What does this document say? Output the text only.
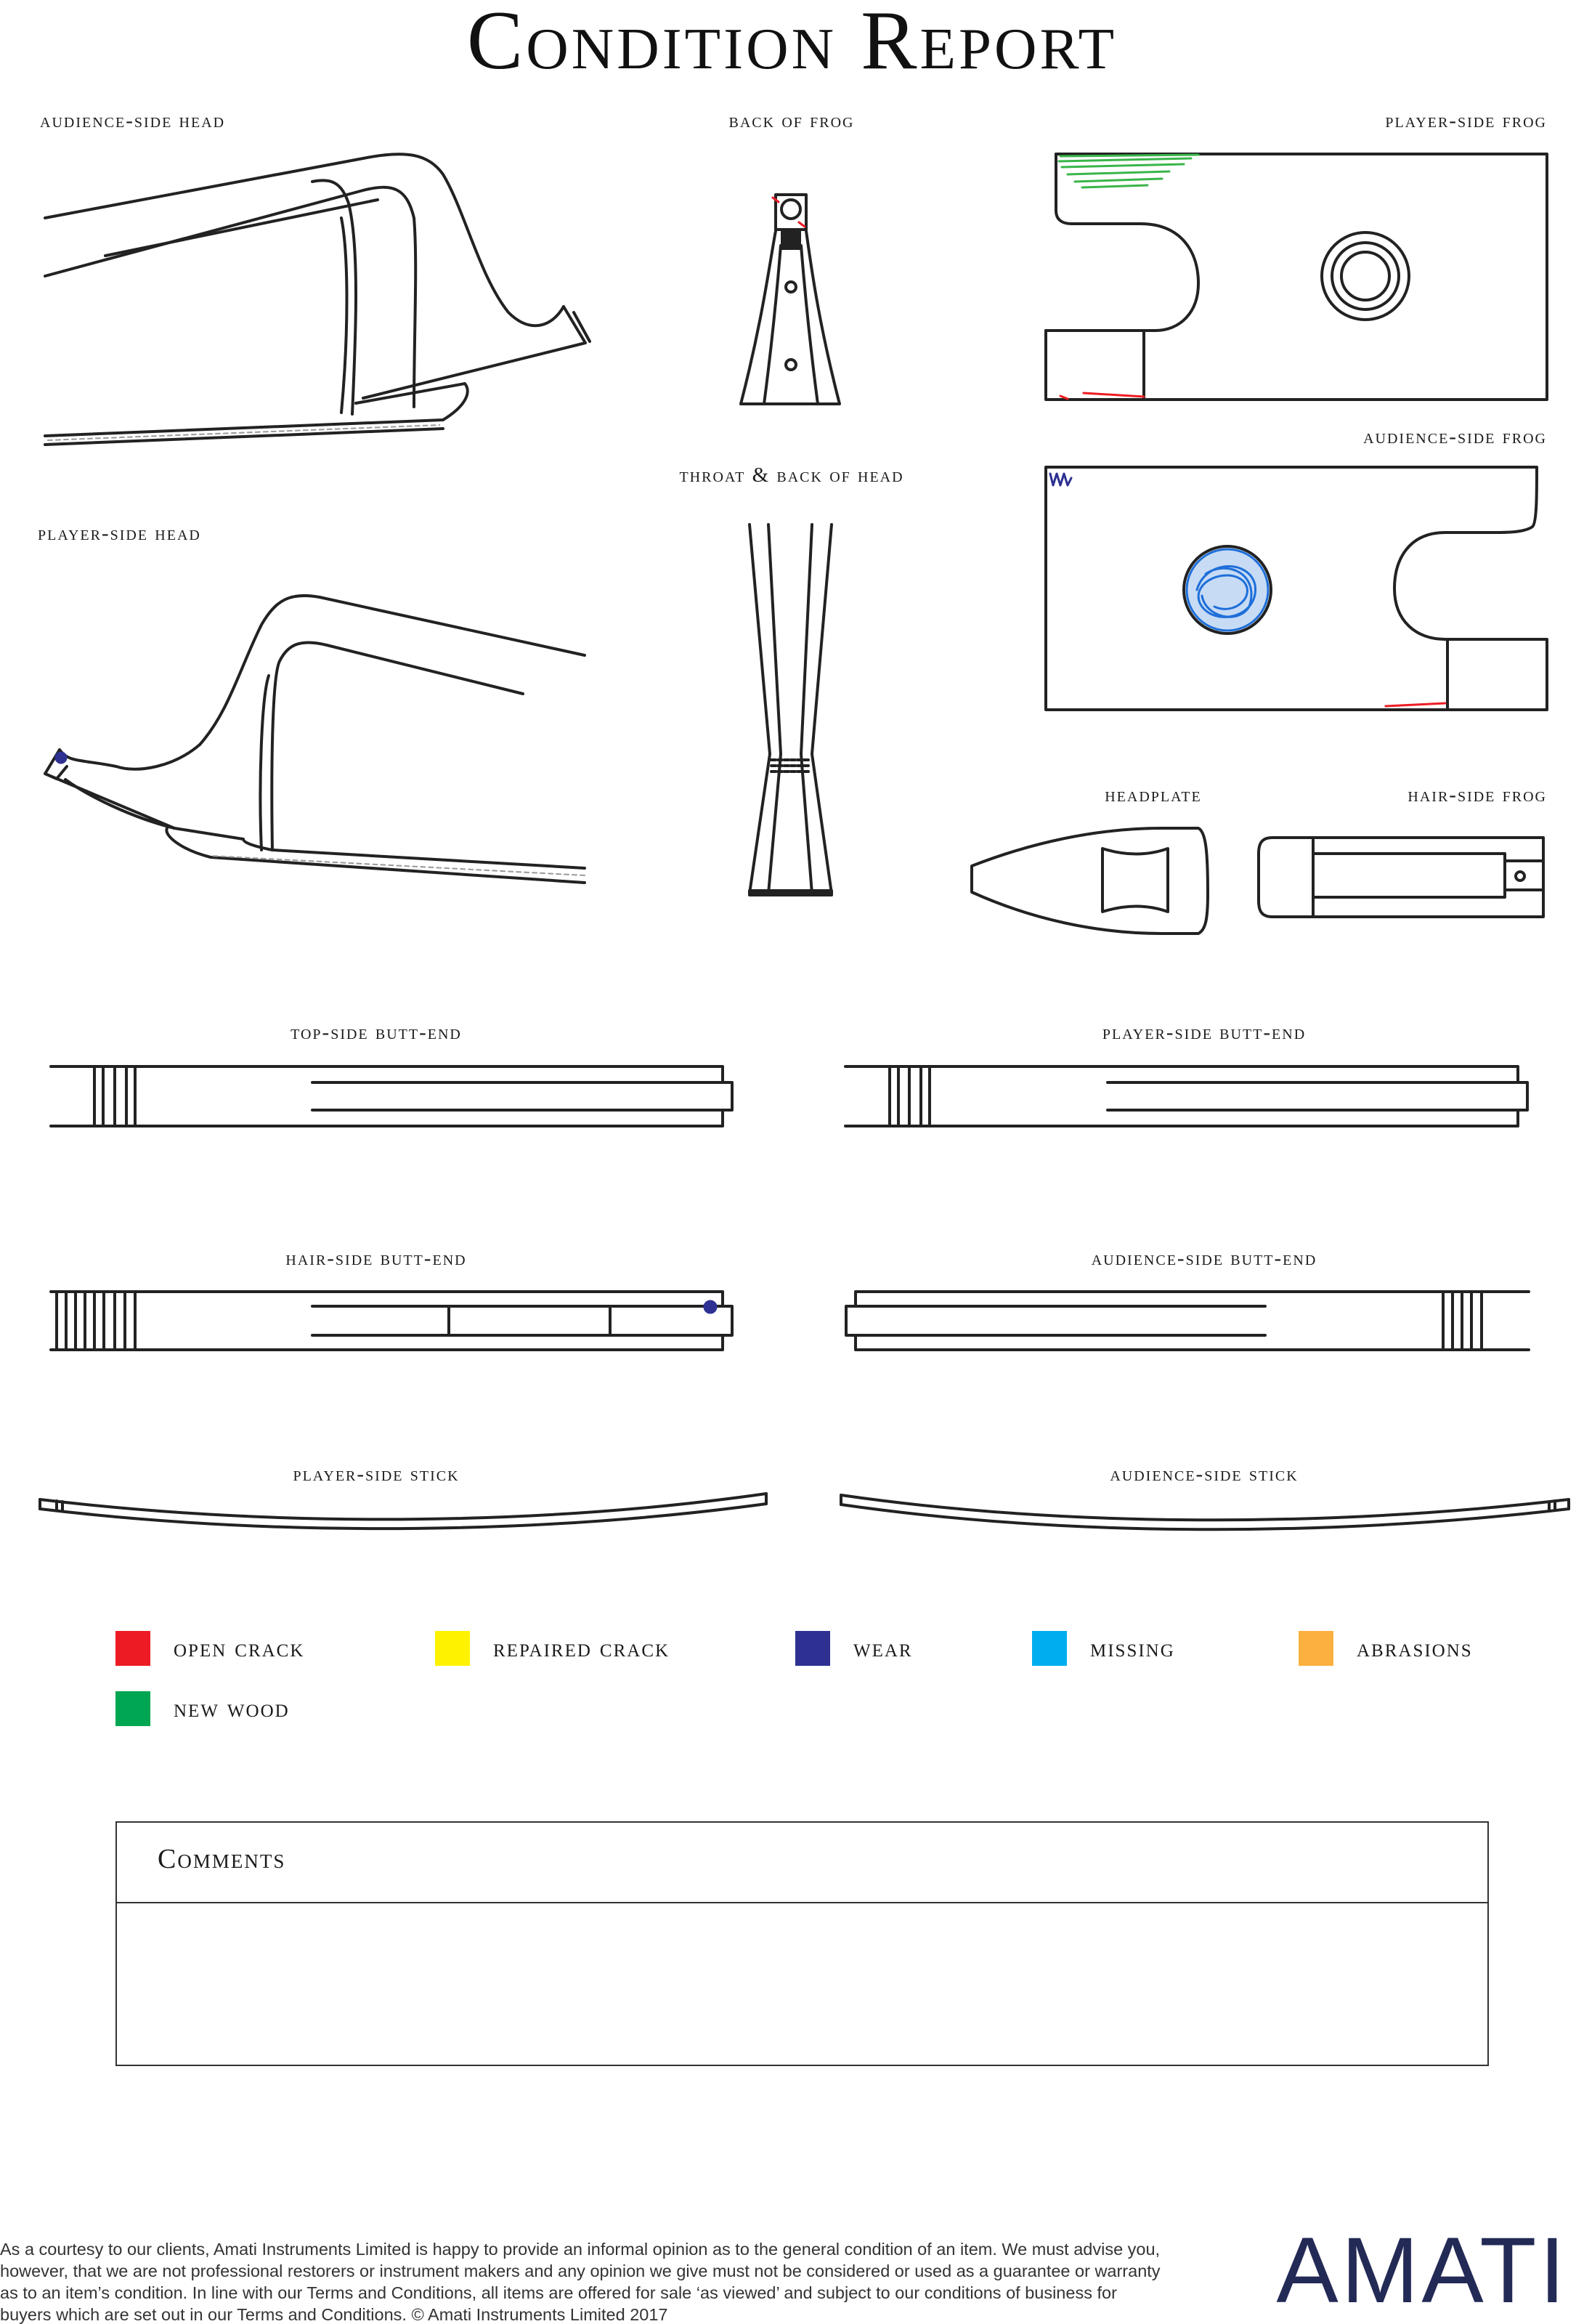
Condition Report
audience-side head	back of frog	player-side frog
audience-side frog
throat & back of head
player-side head
headplate	hair-side frog
top-side butt-end	player-side butt-end
hair-side butt-end	audience-side butt-end
player-side stick	audience-side stick
open crack	repaired crack	wear	missing	abrasions
new wood
Comments
As a courtesy to our clients, Amati Instruments Limited is happy to provide an informal opinion as to the general condition of an item. We must advise you, however, that we are not professional restorers or instrument makers and any opinion we give must not be considered or used as a guarantee or warranty as to an item’s condition. In line with our Terms and Conditions, all items are offered for sale ‘as viewed’ and subject to our conditions of business for buyers which are set out in our Terms and Conditions. © Amati Instruments Limited 2017	AMATI
